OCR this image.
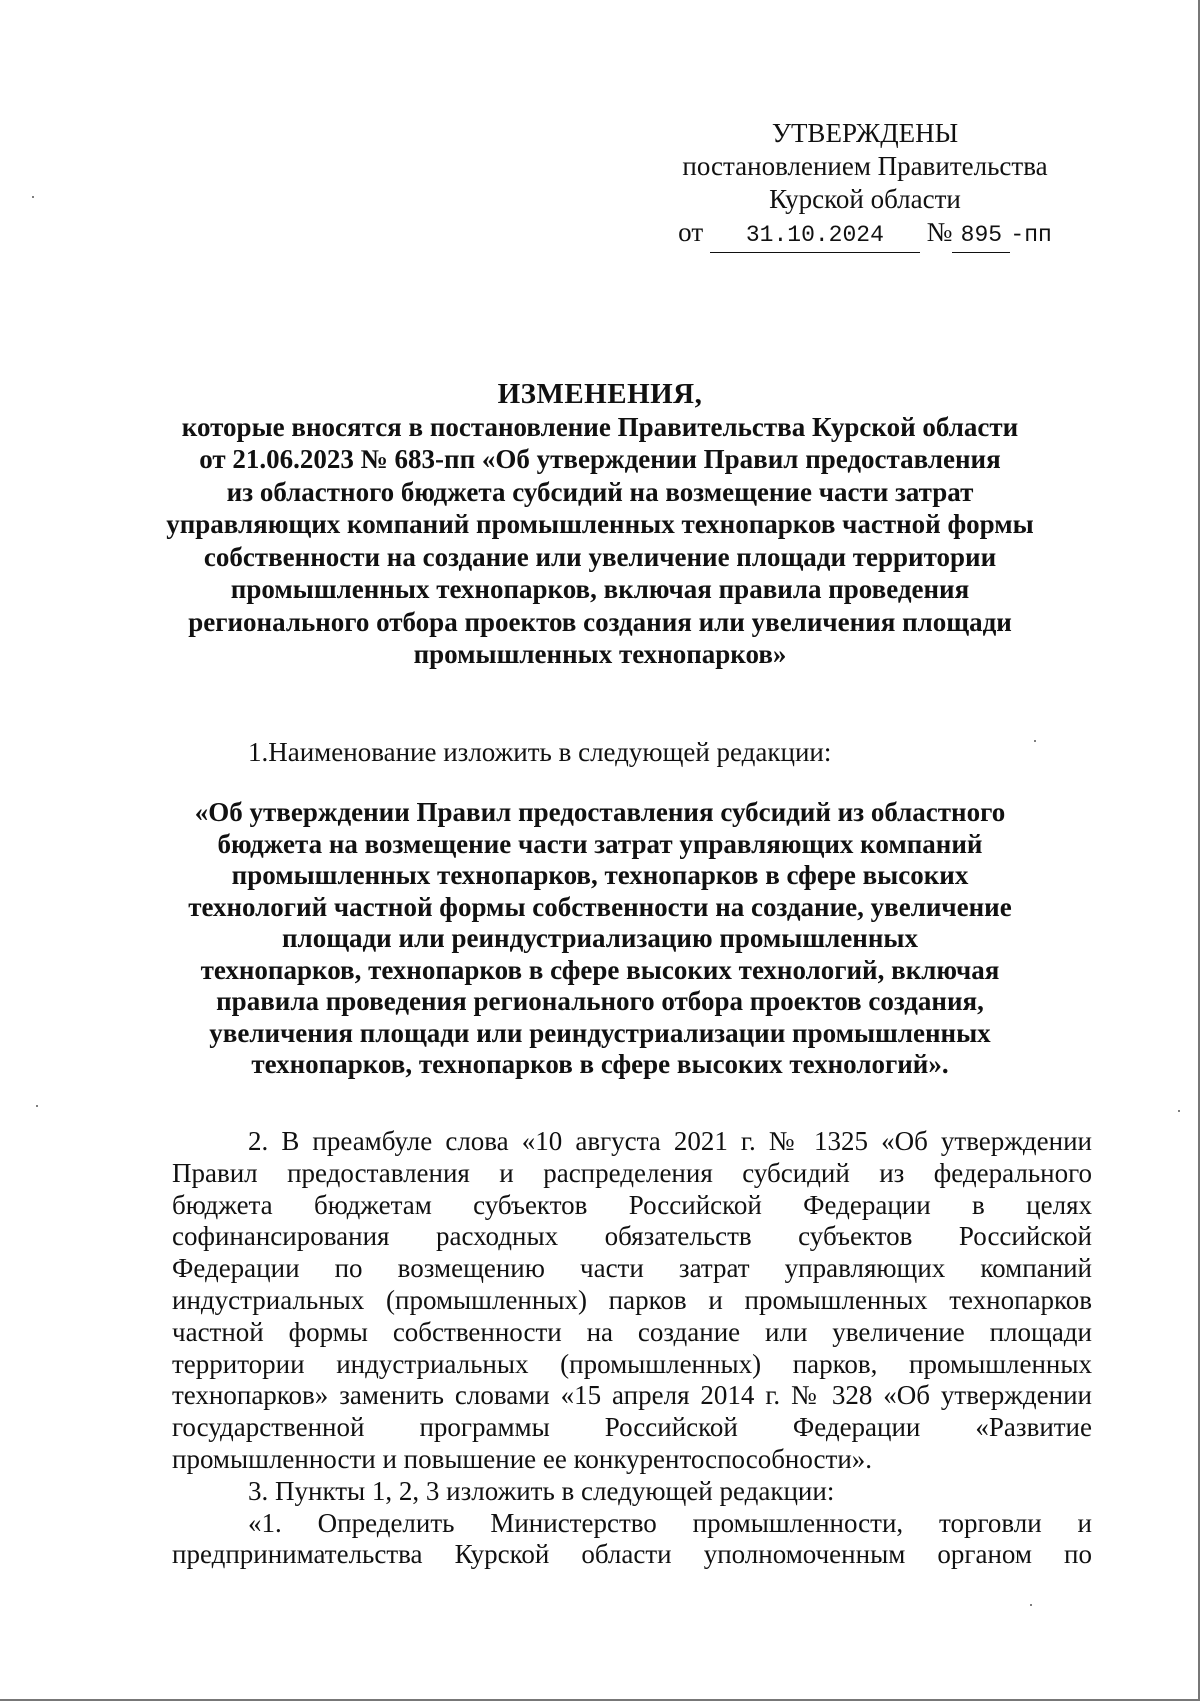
УТВЕРЖДЕНЫ
постановлением Правительства
Курской области
от 31.10.2024 № 895 -пп
ИЗМЕНЕНИЯ,
которые вносятся в постановление Правительства Курской области
от 21.06.2023 № 683-пп «Об утверждении Правил предоставления
из областного бюджета субсидий на возмещение части затрат
управляющих компаний промышленных технопарков частной формы
собственности на создание или увеличение площади территории
промышленных технопарков, включая правила проведения
регионального отбора проектов создания или увеличения площади
промышленных технопарков»
1.Наименование изложить в следующей редакции:
«Об утверждении Правил предоставления субсидий из областного
бюджета на возмещение части затрат управляющих компаний
промышленных технопарков, технопарков в сфере высоких
технологий частной формы собственности на создание, увеличение
площади или реиндустриализацию промышленных
технопарков, технопарков в сфере высоких технологий, включая
правила проведения регионального отбора проектов создания,
увеличения площади или реиндустриализации промышленных
технопарков, технопарков в сфере высоких технологий».
2. В преамбуле слова «10 августа 2021 г. № 1325 «Об утверждении
Правил предоставления и распределения субсидий из федерального
бюджета бюджетам субъектов Российской Федерации в целях
софинансирования расходных обязательств субъектов Российской
Федерации по возмещению части затрат управляющих компаний
индустриальных (промышленных) парков и промышленных технопарков
частной формы собственности на создание или увеличение площади
территории индустриальных (промышленных) парков, промышленных
технопарков» заменить словами «15 апреля 2014 г. № 328 «Об утверждении
государственной программы Российской Федерации «Развитие
промышленности и повышение ее конкурентоспособности».
3. Пункты 1, 2, 3 изложить в следующей редакции:
«1. Определить Министерство промышленности, торговли и
предпринимательства Курской области уполномоченным органом по
